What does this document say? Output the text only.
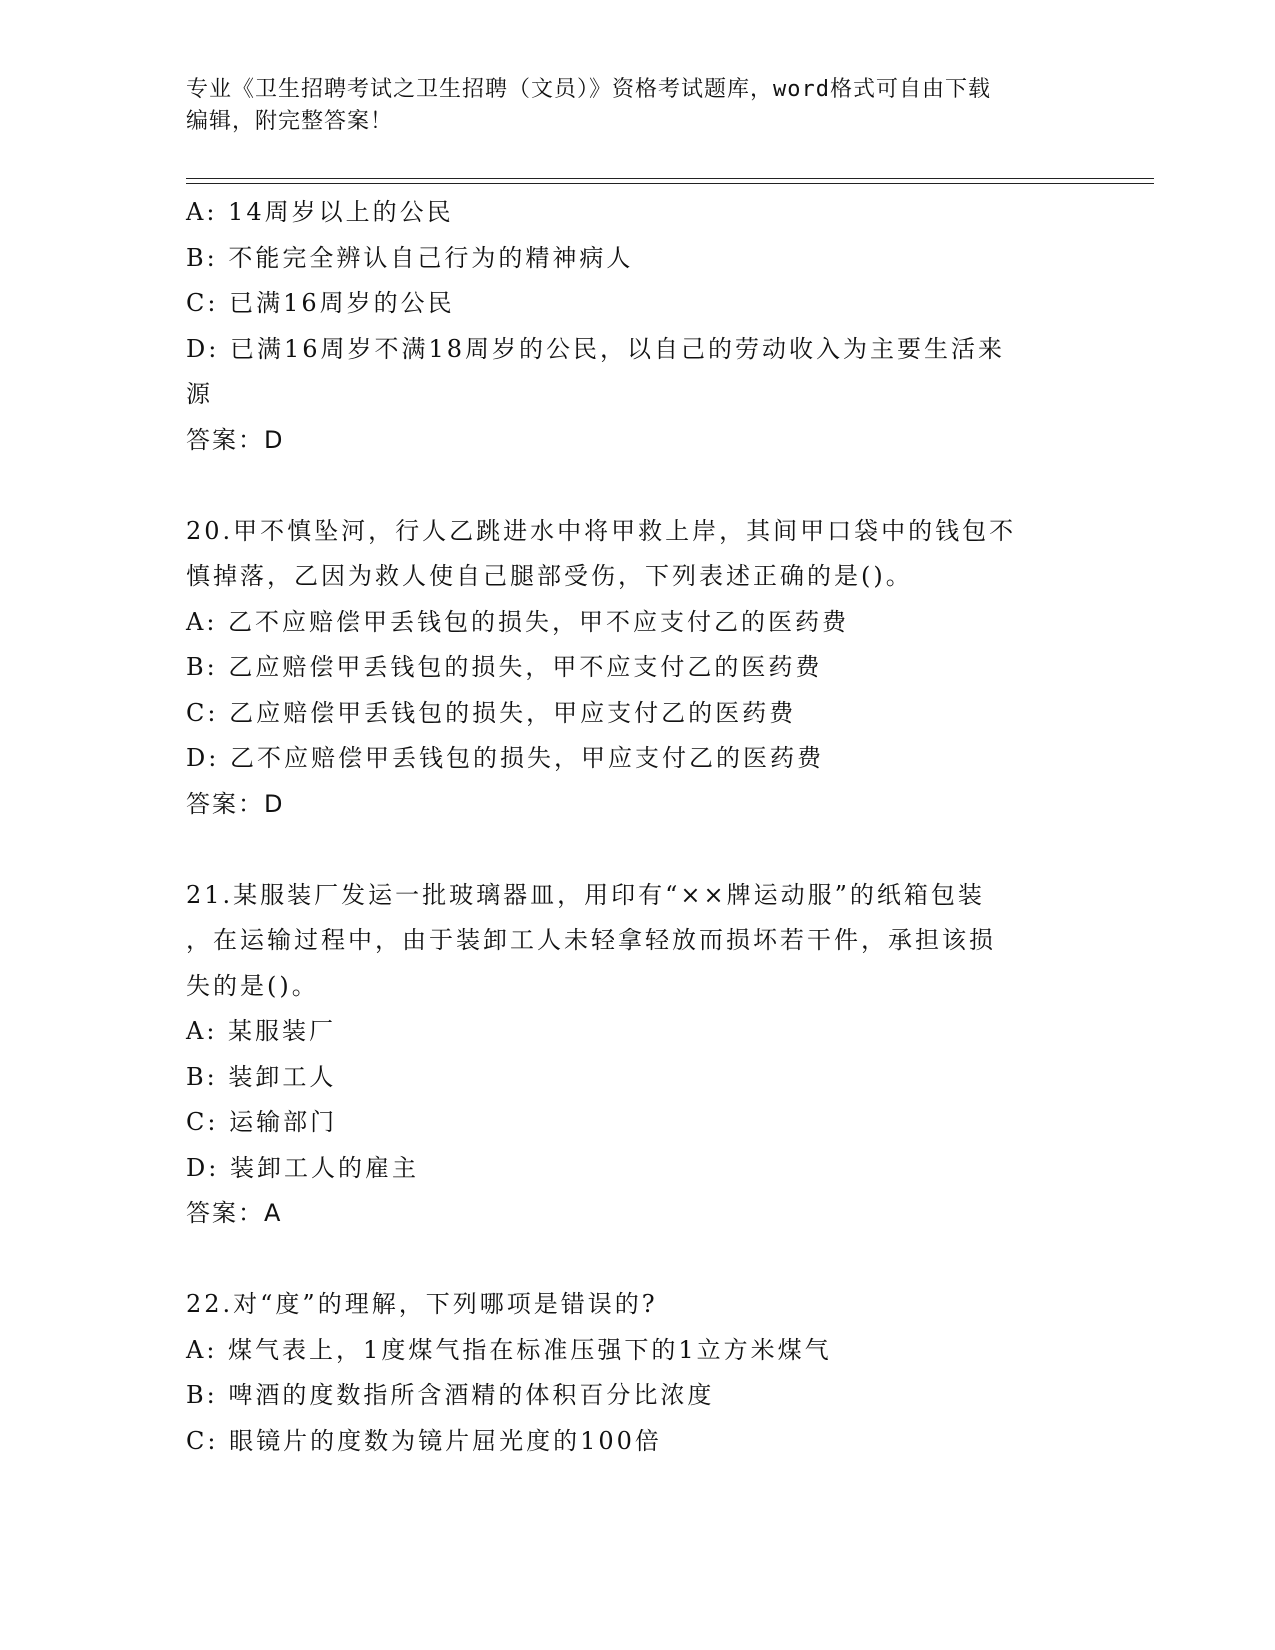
专业《卫生招聘考试之卫生招聘（文员）》资格考试题库，word格式可自由下载
编辑，附完整答案！

A: 14周岁以上的公民

B: 不能完全辨认自己行为的精神病人

C: 已满16周岁的公民

D: 已满16周岁不满18周岁的公民，以自己的劳动收入为主要生活来

源

答案：D

20.甲不慎坠河，行人乙跳进水中将甲救上岸，其间甲口袋中的钱包不

慎掉落，乙因为救人使自己腿部受伤，下列表述正确的是()。

A: 乙不应赔偿甲丢钱包的损失，甲不应支付乙的医药费

B: 乙应赔偿甲丢钱包的损失，甲不应支付乙的医药费

C: 乙应赔偿甲丢钱包的损失，甲应支付乙的医药费

D: 乙不应赔偿甲丢钱包的损失，甲应支付乙的医药费

答案：D

21.某服装厂发运一批玻璃器皿，用印有“××牌运动服”的纸箱包装

，在运输过程中，由于装卸工人未轻拿轻放而损坏若干件，承担该损

失的是()。

A: 某服装厂

B: 装卸工人

C: 运输部门

D: 装卸工人的雇主

答案：A

22.对“度”的理解，下列哪项是错误的?

A: 煤气表上，1度煤气指在标准压强下的1立方米煤气

B: 啤酒的度数指所含酒精的体积百分比浓度

C: 眼镜片的度数为镜片屈光度的100倍
